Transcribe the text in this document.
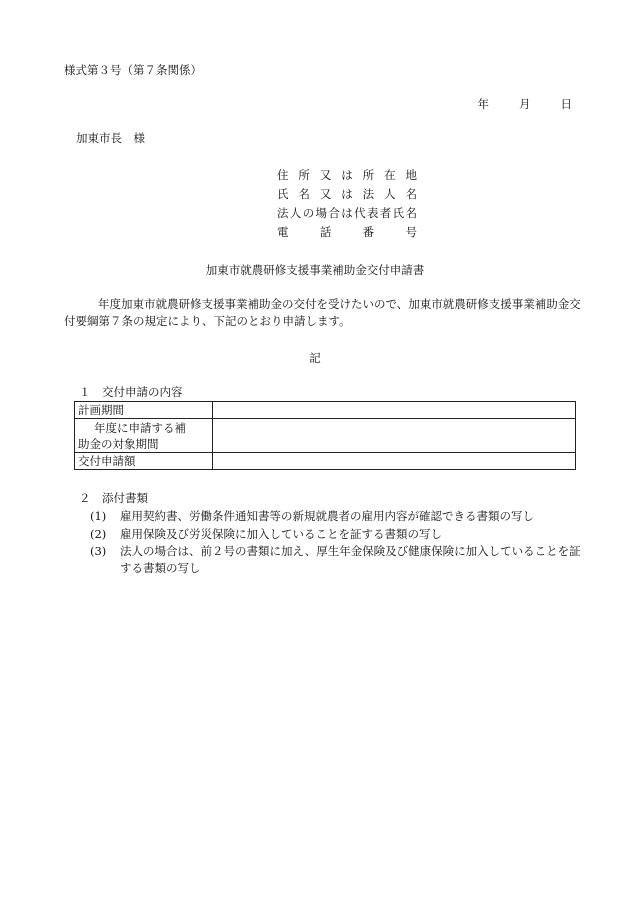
様式第３号（第７条関係）
年	月	日
加東市長　様
住所又は所在地
氏名又は法人名
法人の場合は代表者氏名
電話番号
加東市就農研修支援事業補助金交付申請書
年度加東市就農研修支援事業補助金の交付を受けたいので、加東市就農研修支援事業補助金交付要綱第７条の規定により、下記のとおり申請します。
記
１　交付申請の内容
計画期間	
年度に申請する補
助金の対象期間	
交付申請額	
２　添付書類
(1)	雇用契約書、労働条件通知書等の新規就農者の雇用内容が確認できる書類の写し
(2)	雇用保険及び労災保険に加入していることを証する書類の写し
(3)	法人の場合は、前２号の書類に加え、厚生年金保険及び健康保険に加入していることを証する書類の写し
